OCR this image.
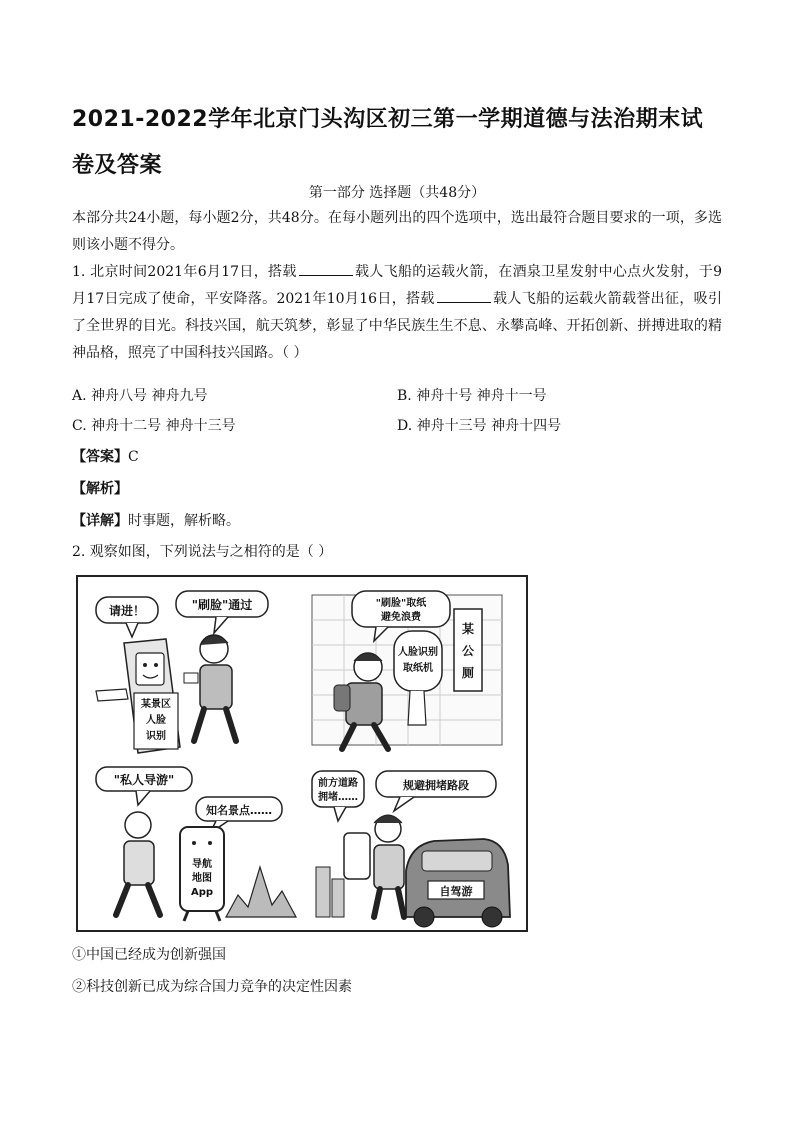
2021-2022学年北京门头沟区初三第一学期道德与法治期末试卷及答案
第一部分 选择题（共48分）
本部分共24小题，每小题2分，共48分。在每小题列出的四个选项中，选出最符合题目要求的一项，多选则该小题不得分。
1. 北京时间2021年6月17日，搭载	载人飞船的运载火箭，在酒泉卫星发射中心点火发射，于9月17日完成了使命，平安降落。2021年10月16日，搭载	载人飞船的运载火箭载誉出征，吸引了全世界的目光。科技兴国，航天筑梦，彰显了中华民族生生不息、永攀高峰、开拓创新、拼搏进取的精神品格，照亮了中国科技兴国路。（ ）
A. 神舟八号 神舟九号	B. 神舟十号 神舟十一号
C. 神舟十二号 神舟十三号	D. 神舟十三号 神舟十四号
【答案】C
【解析】
【详解】时事题，解析略。
2. 观察如图，下列说法与之相符的是（ ）
请进！	"刷脸"通过
某景区
人脸
识别
"刷脸"取纸
避免浪费
某
公
厕
人脸识别
取纸机
"私人导游"
知名景点……
导航
地图
App
前方道路
拥堵……
规避拥堵路段
自驾游
①中国已经成为创新强国
②科技创新已成为综合国力竞争的决定性因素
